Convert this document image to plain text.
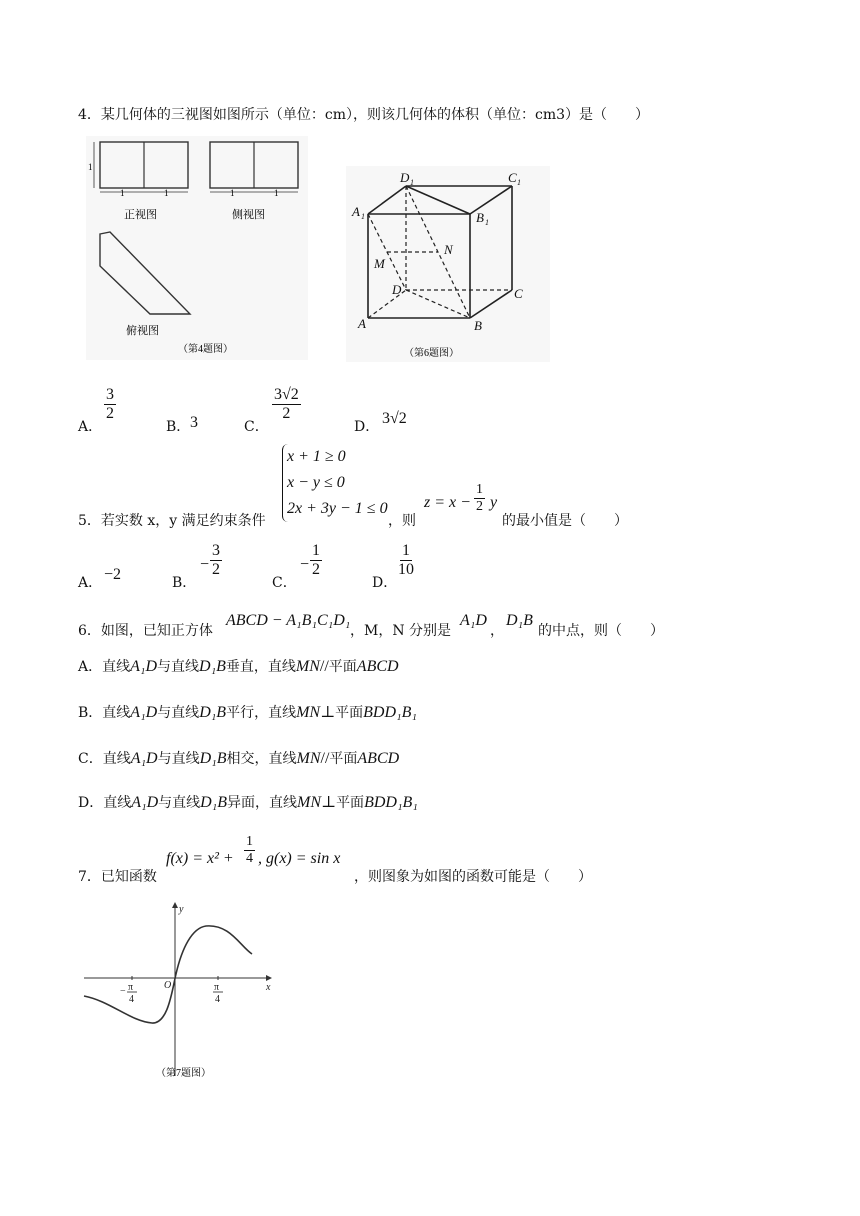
4．某几何体的三视图如图所示（单位：cm），则该几何体的体积（单位：cm3）是（　　）
1
1	1
正视图
1	1
侧视图
俯视图
（第4题图）
D 1	C 1
A 1	B 1
N
M
D	C
A	B
（第6题图）
A．
$\frac{3}{2}$
B． 3	C．
$\frac{3√2}{2}$
D． 3√2
x + 1 ≥ 0
x − y ≤ 0
2x + 3y − 1 ≤ 0
5．若实数 x，y 满足约束条件	，则
$z = x - \frac{1}{2}$ y
的最小值是（　　）
A． −2	B．
− $\frac{3}{2}$
C．
− $\frac{1}{2}$
D．
$\frac{1}{10}$
6．如图，已知正方体
ABCD − A₁B₁C₁D₁
，M，N 分别是
A₁D
，
D₁B
的中点，则（　　）
A．直线A₁D与直线D₁B垂直，直线MN//平面ABCD
B．直线A₁D与直线D₁B平行，直线MN⊥平面BDD₁B₁
C．直线A₁D与直线D₁B相交，直线MN//平面ABCD
D．直线A₁D与直线D₁B异面，直线MN⊥平面BDD₁B₁
7．已知函数
$f(x) = x^2 + \frac{1}{4}$ , g(x) = sin x
，则图象为如图的函数可能是（　　）
y
x
O
− π
4
π
4
（第7题图）
